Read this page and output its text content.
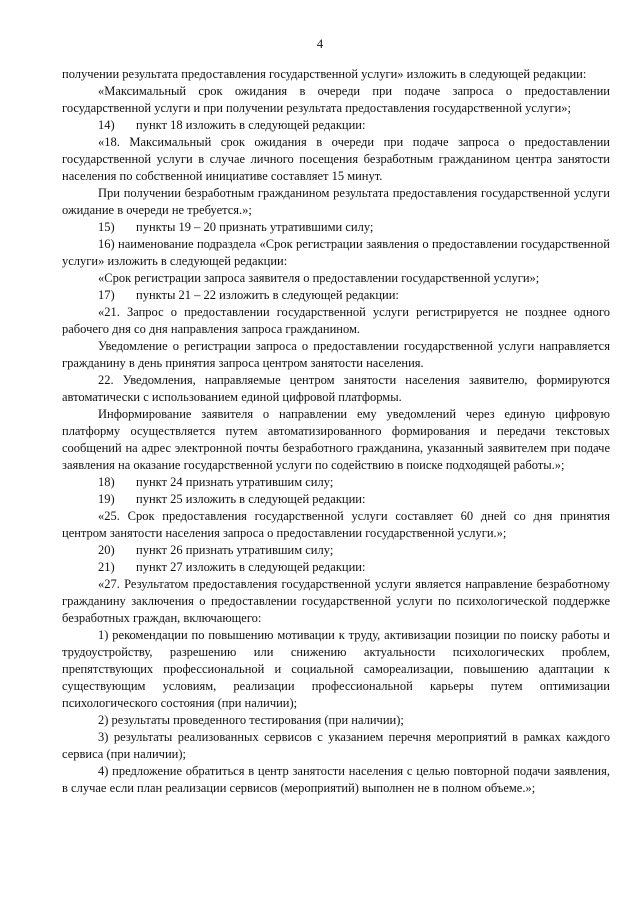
4

получении результата предоставления государственной услуги» изложить в следующей редакции:

«Максимальный срок ожидания в очереди при подаче запроса о предоставлении государственной услуги и при получении результата предоставления государственной услуги»;

14) пункт 18 изложить в следующей редакции:

«18. Максимальный срок ожидания в очереди при подаче запроса о предоставлении государственной услуги в случае личного посещения безработным гражданином центра занятости населения по собственной инициативе составляет 15 минут.

При получении безработным гражданином результата предоставления государственной услуги ожидание в очереди не требуется.»;

15) пункты 19 – 20 признать утратившими силу;

16) наименование подраздела «Срок регистрации заявления о предоставлении государственной услуги» изложить в следующей редакции:

«Срок регистрации запроса заявителя о предоставлении государственной услуги»;

17) пункты 21 – 22 изложить в следующей редакции:

«21. Запрос о предоставлении государственной услуги регистрируется не позднее одного рабочего дня со дня направления запроса гражданином.

Уведомление о регистрации запроса о предоставлении государственной услуги направляется гражданину в день принятия запроса центром занятости населения.

22. Уведомления, направляемые центром занятости населения заявителю, формируются автоматически с использованием единой цифровой платформы.

Информирование заявителя о направлении ему уведомлений через единую цифровую платформу осуществляется путем автоматизированного формирования и передачи текстовых сообщений на адрес электронной почты безработного гражданина, указанный заявителем при подаче заявления на оказание государственной услуги по содействию в поиске подходящей работы.»;

18) пункт 24 признать утратившим силу;

19) пункт 25 изложить в следующей редакции:

«25. Срок предоставления государственной услуги составляет 60 дней со дня принятия центром занятости населения запроса о предоставлении государственной услуги.»;

20) пункт 26 признать утратившим силу;

21) пункт 27 изложить в следующей редакции:

«27. Результатом предоставления государственной услуги является направление безработному гражданину заключения о предоставлении государственной услуги по психологической поддержке безработных граждан, включающего:

1) рекомендации по повышению мотивации к труду, активизации позиции по поиску работы и трудоустройству, разрешению или снижению актуальности психологических проблем, препятствующих профессиональной и социальной самореализации, повышению адаптации к существующим условиям, реализации профессиональной карьеры путем оптимизации психологического состояния (при наличии);

2) результаты проведенного тестирования (при наличии);

3) результаты реализованных сервисов с указанием перечня мероприятий в рамках каждого сервиса (при наличии);

4) предложение обратиться в центр занятости населения с целью повторной подачи заявления, в случае если план реализации сервисов (мероприятий) выполнен не в полном объеме.»;
